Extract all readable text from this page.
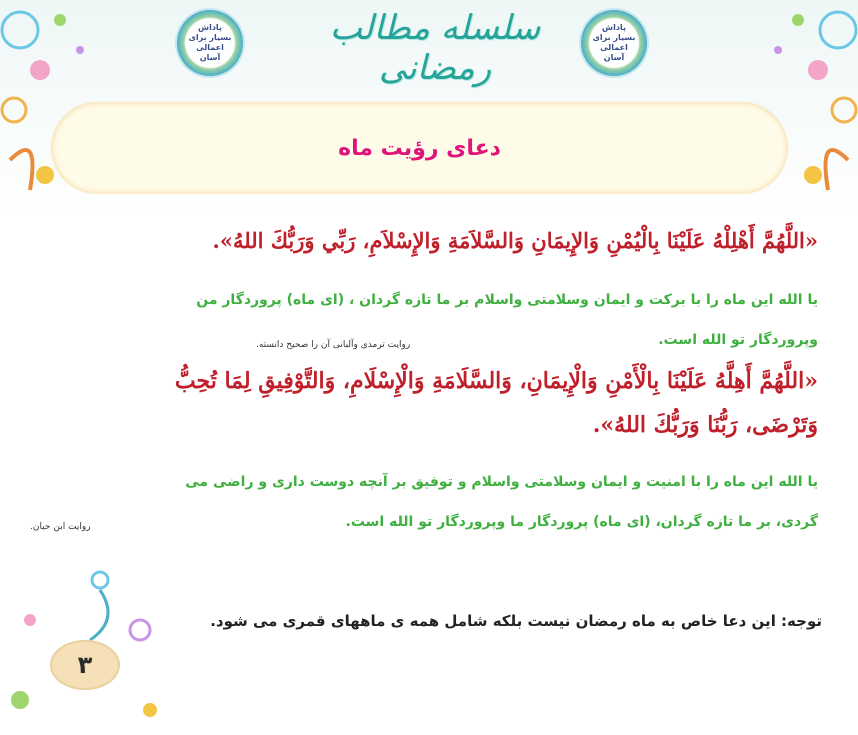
پاداش بسیار برای اعمالی آسان
سلسله مطالب رمضانی
پاداش بسیار برای اعمالی آسان
دعای رؤیت ماه
«اللَّهُمَّ أَهْلِلْهُ عَلَيْنَا بِالْيُمْنِ وَالإِيمَانِ وَالسَّلاَمَةِ وَالإِسْلاَمِ، رَبِّي وَرَبُّكَ اللهُ».
یا الله این ماه را با برکت و ایمان وسلامتی واسلام بر ما تازه گردان ، (ای ماه) پروردگار من
روایت ترمذی وآلبانی آن را صحیح دانسته.	وپروردگار تو الله است.
«اللَّهُمَّ أَهِلَّهُ عَلَيْنَا بِالْأَمْنِ وَالْإِيمَانِ، وَالسَّلَامَةِ وَالْإِسْلَامِ، وَالتَّوْفِيقِ لِمَا تُحِبُّ
وَتَرْضَى، رَبُّنَا وَرَبُّكَ اللهُ».
یا الله این ماه را با امنیت و ایمان وسلامتی واسلام و توفیق بر آنچه دوست داری و راضی می
گردی، بر ما تازه گردان، (ای ماه) پروردگار ما وپروردگار تو الله است.
روایت ابن حبان.
توجه: این دعا خاص به ماه رمضان نیست بلکه شامل همه ی ماههای قمری می شود.
۳
